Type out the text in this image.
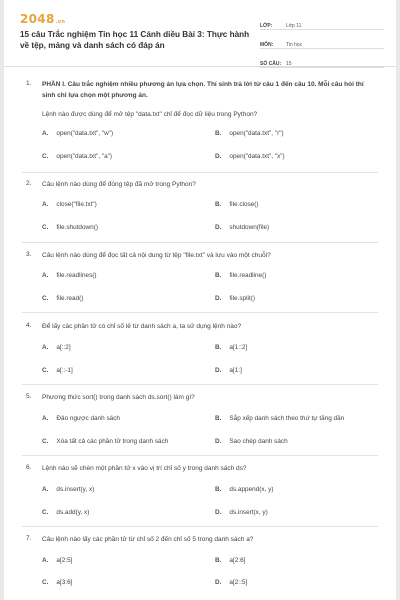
2048.vn
15 câu Trắc nghiệm Tin học 11 Cánh diều Bài 3: Thực hành về tệp, mảng và danh sách có đáp án
LỚP:	Lớp 11
MÔN:	Tin học
SỐ CÂU: 15
1. PHẦN I. Câu trắc nghiệm nhiều phương án lựa chọn. Thí sinh trả lời từ câu 1 đến câu 10. Mỗi câu hỏi thí sinh chỉ lựa chọn một phương án.
Lệnh nào được dùng để mở tệp "data.txt" chỉ để đọc dữ liệu trong Python?
A. open("data.txt", "w")	B. open("data.txt", "r")
C. open("data.txt", "a")	D. open("data.txt", "x")
2. Câu lệnh nào dùng để đóng tệp đã mở trong Python?
A. close("file.txt")	B. file.close()
C. file.shutdown()	D. shutdown(file)
3. Câu lệnh nào dùng để đọc tất cả nội dung từ tệp "file.txt" và lưu vào một chuỗi?
A. file.readlines()	B. file.readline()
C. file.read()	D. file.split()
4. Để lấy các phần tử có chỉ số lẻ từ danh sách a, ta sử dụng lệnh nào?
A. a[::2]	B. a[1::2]
C. a[::-1]	D. a[1:]
5. Phương thức sort() trong danh sách ds.sort() làm gì?
A. Đảo ngược danh sách	B. Sắp xếp danh sách theo thứ tự tăng dần
C. Xóa tất cả các phần tử trong danh sách	D. Sao chép danh sách
6. Lệnh nào sẽ chèn một phần tử x vào vị trí chỉ số y trong danh sách ds?
A. ds.insert(y, x)	B. ds.append(x, y)
C. ds.add(y, x)	D. ds.insert(x, y)
7. Câu lệnh nào lấy các phần tử từ chỉ số 2 đến chỉ số 5 trong danh sách a?
A. a[2:5]	B. a[2:6]
C. a[3:6]	D. a[2::5]
